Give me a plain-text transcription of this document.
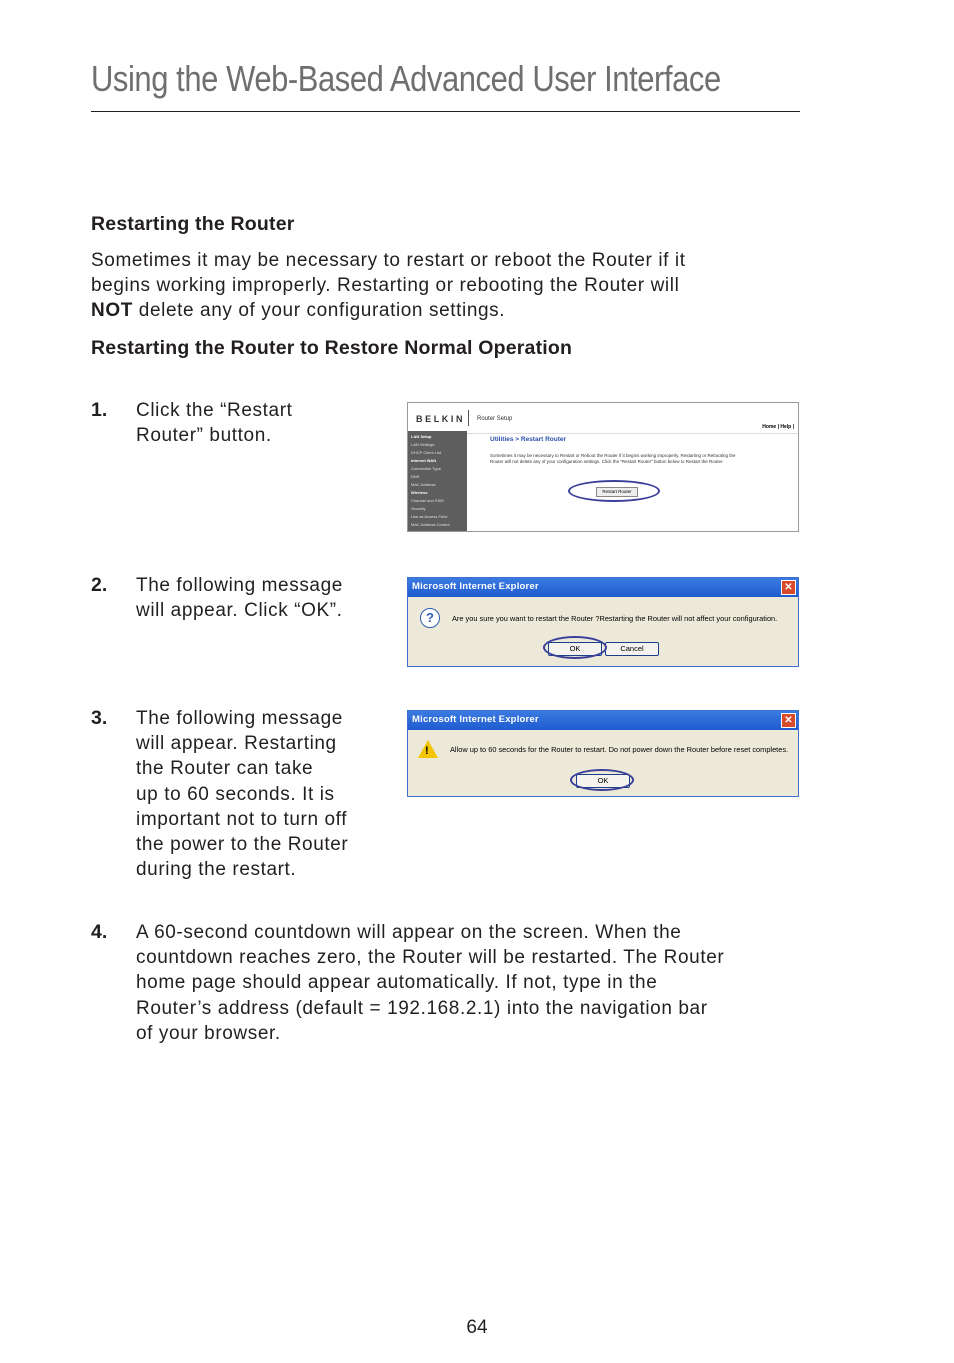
Using the Web-Based Advanced User Interface
Restarting the Router
Sometimes it may be necessary to restart or reboot the Router if it
begins working improperly. Restarting or rebooting the Router will
NOT delete any of your configuration settings.
Restarting the Router to Restore Normal Operation
1. Click the “Restart
Router” button.
BELKIN Router Setup
Home | Help |
LAN Setup
LAN Settings
DHCP Client List
Internet WAN
Connection Type
DNS
MAC Address
Wireless
Channel and SSID
Security
Use as Access Point
MAC Address Control
Utilities > Restart Router
Sometimes it may be necessary to Restart or Reboot the Router if it begins working improperly. Restarting or Rebooting the Router will not delete any of your configuration settings. Click the "Restart Router" button below to Restart the Router.
Restart Router
2. The following message
will appear. Click “OK”.
Microsoft Internet Explorer	✕
?	Are you sure you want to restart the Router ?Restarting the Router will not affect your configuration.
OK	Cancel
3. The following message
will appear. Restarting
the Router can take
up to 60 seconds. It is
important not to turn off
the power to the Router
during the restart.
Microsoft Internet Explorer	✕
!	Allow up to 60 seconds for the Router to restart. Do not power down the Router before reset completes.
OK
4. A 60-second countdown will appear on the screen. When the
countdown reaches zero, the Router will be restarted. The Router
home page should appear automatically. If not, type in the
Router’s address (default = 192.168.2.1) into the navigation bar
of your browser.
64
